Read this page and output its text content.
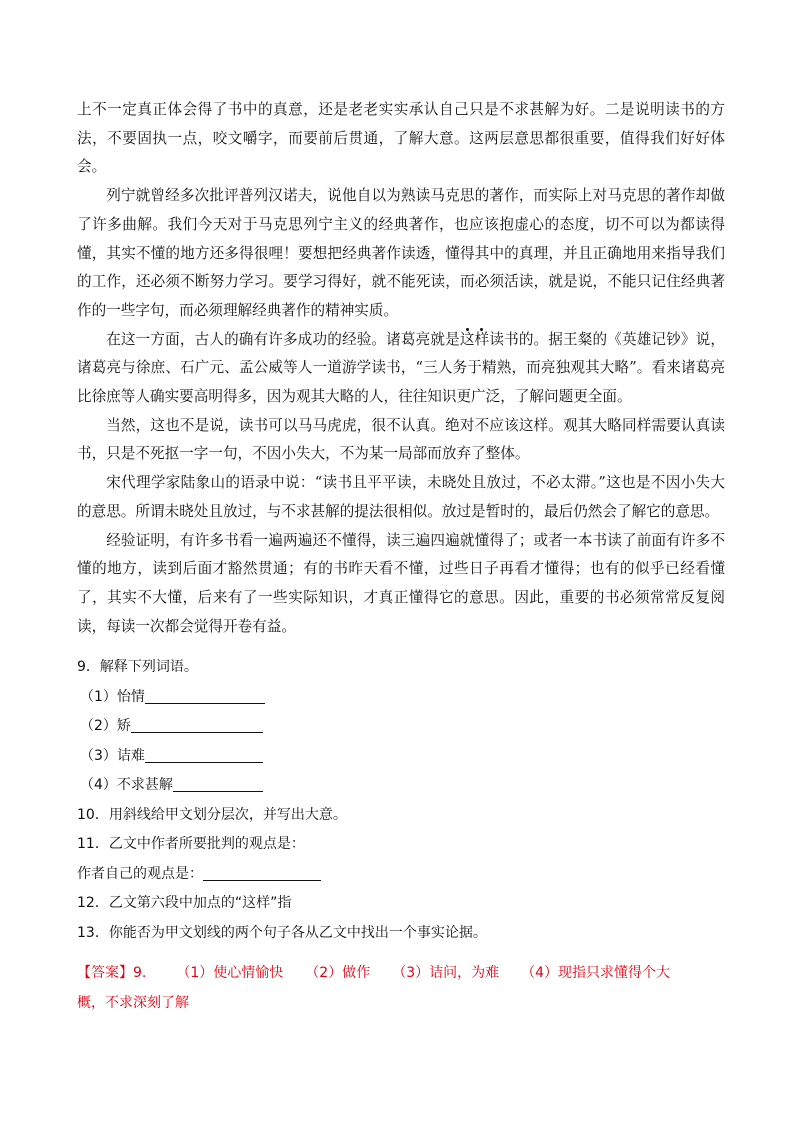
上不一定真正体会得了书中的真意，还是老老实实承认自己只是不求甚解为好。二是说明读书的方法，不要固执一点，咬文嚼字，而要前后贯通，了解大意。这两层意思都很重要，值得我们好好体会。

列宁就曾经多次批评普列汉诺夫，说他自以为熟读马克思的著作，而实际上对马克思的著作却做了许多曲解。我们今天对于马克思列宁主义的经典著作，也应该抱虚心的态度，切不可以为都读得懂，其实不懂的地方还多得很哩！要想把经典著作读透，懂得其中的真理，并且正确地用来指导我们的工作，还必须不断努力学习。要学习得好，就不能死读，而必须活读，就是说，不能只记住经典著作的一些字句，而必须理解经典著作的精神实质。

在这一方面，古人的确有许多成功的经验。诸葛亮就是这样读书的。据王粲的《英雄记钞》说，诸葛亮与徐庶、石广元、孟公威等人一道游学读书，“三人务于精熟，而亮独观其大略”。看来诸葛亮比徐庶等人确实要高明得多，因为观其大略的人，往往知识更广泛，了解问题更全面。

当然，这也不是说，读书可以马马虎虎，很不认真。绝对不应该这样。观其大略同样需要认真读书，只是不死抠一字一句，不因小失大，不为某一局部而放弃了整体。

宋代理学家陆象山的语录中说：“读书且平平读，未晓处且放过，不必太滞。”这也是不因小失大的意思。所谓未晓处且放过，与不求甚解的提法很相似。放过是暂时的，最后仍然会了解它的意思。

经验证明，有许多书看一遍两遍还不懂得，读三遍四遍就懂得了；或者一本书读了前面有许多不懂的地方，读到后面才豁然贯通；有的书昨天看不懂，过些日子再看才懂得；也有的似乎已经看懂了，其实不大懂，后来有了一些实际知识，才真正懂得它的意思。因此，重要的书必须常常反复阅读，每读一次都会觉得开卷有益。

9．解释下列词语。
（1）怡情
（2）矫
（3）诘难
（4）不求甚解
10．用斜线给甲文划分层次，并写出大意。
11．乙文中作者所要批判的观点是：
作者自己的观点是：
12．乙文第六段中加点的“这样”指
13．你能否为甲文划线的两个句子各从乙文中找出一个事实论据。
【答案】9. （1）使心情愉快 （2）做作 （3）诘问，为难 （4）现指只求懂得个大
概，不求深刻了解
